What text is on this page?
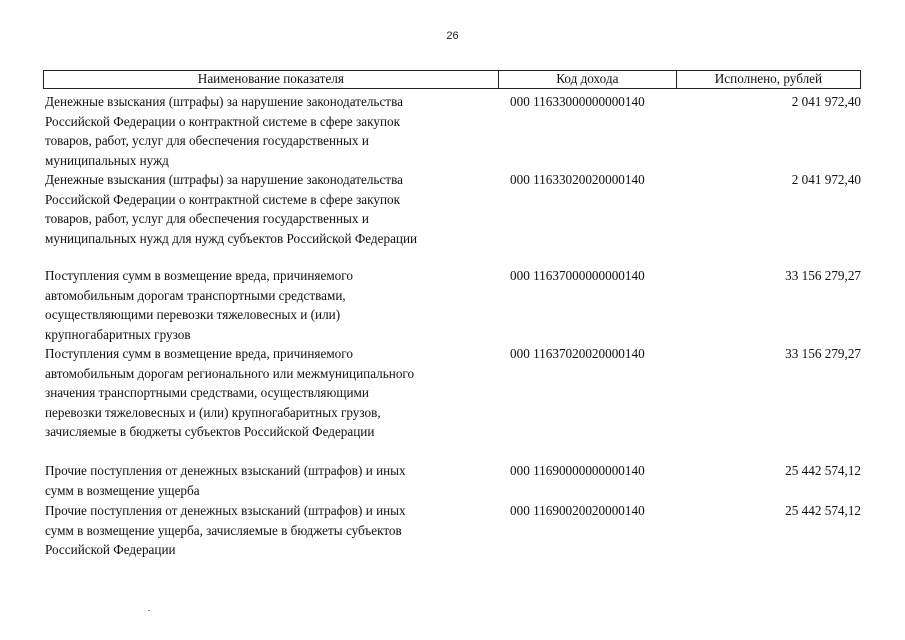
26
Наименование показателя	Код дохода	Исполнено, рублей
Денежные взыскания (штрафы) за нарушение законодательства
Российской Федерации о контрактной системе в сфере закупок
товаров, работ, услуг для обеспечения государственных и
муниципальных нужд
000 11633000000000140	2 041 972,40
Денежные взыскания (штрафы) за нарушение законодательства
Российской Федерации о контрактной системе в сфере закупок
товаров, работ, услуг для обеспечения государственных и
муниципальных нужд для нужд субъектов Российской Федерации
000 11633020020000140	2 041 972,40
Поступления сумм в возмещение вреда, причиняемого
автомобильным дорогам транспортными средствами,
осуществляющими перевозки тяжеловесных и (или)
крупногабаритных грузов
000 11637000000000140	33 156 279,27
Поступления сумм в возмещение вреда, причиняемого
автомобильным дорогам регионального или межмуниципального
значения транспортными средствами, осуществляющими
перевозки тяжеловесных и (или) крупногабаритных грузов,
зачисляемые в бюджеты субъектов Российской Федерации
000 11637020020000140	33 156 279,27
Прочие поступления от денежных взысканий (штрафов) и иных
сумм в возмещение ущерба
000 11690000000000140	25 442 574,12
Прочие поступления от денежных взысканий (штрафов) и иных
сумм в возмещение ущерба, зачисляемые в бюджеты субъектов
Российской Федерации
000 11690020020000140	25 442 574,12
